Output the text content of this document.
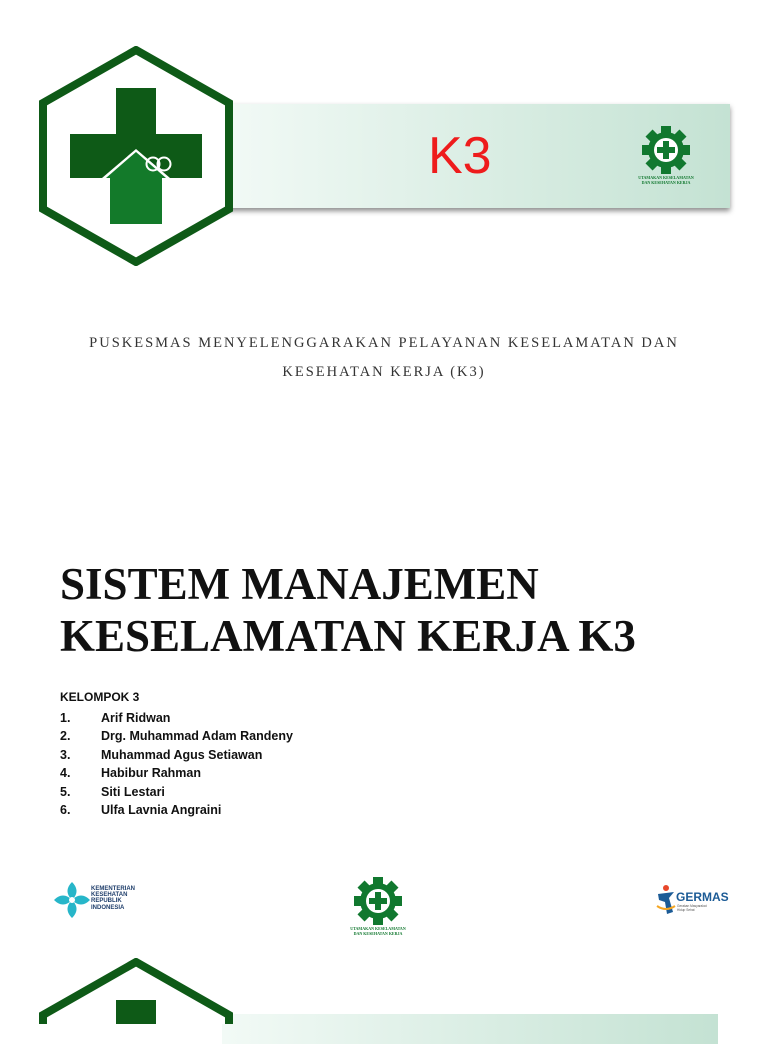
K3	UTAMAKAN KESELAMATAN
DAN KESEHATAN KERJA
PUSKESMAS MENYELENGGARAKAN PELAYANAN KESELAMATAN DAN
KESEHATAN KERJA (K3)
SISTEM MANAJEMEN
KESELAMATAN KERJA K3
KELOMPOK 3
1. Arif Ridwan
2. Drg. Muhammad Adam Randeny
3. Muhammad Agus Setiawan
4. Habibur Rahman
5. Siti Lestari
6. Ulfa Lavnia Angraini
KEMENTERIAN
KESEHATAN
REPUBLIK
INDONESIA
UTAMAKAN KESELAMATAN
DAN KESEHATAN KERJA
GERMAS
Gerakan Masyarakat
Hidup Sehat
